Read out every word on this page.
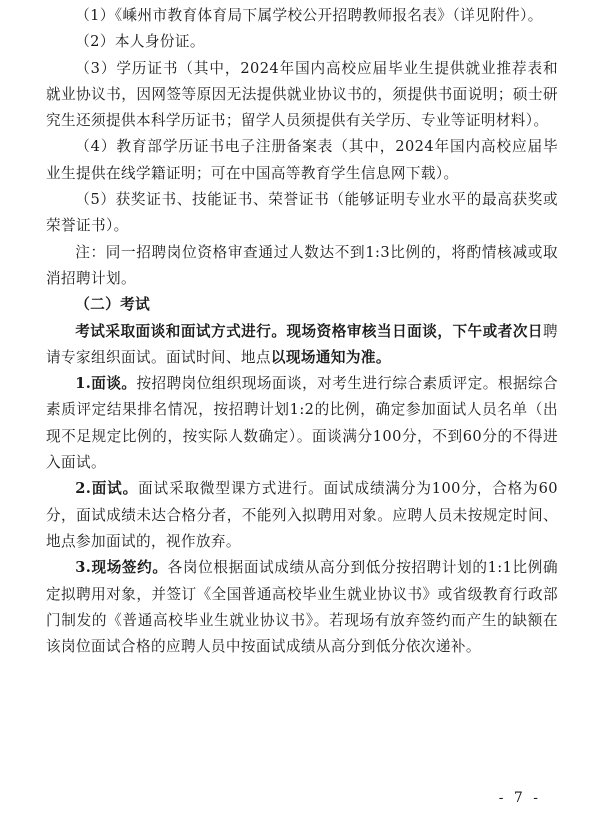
（1）《嵊州市教育体育局下属学校公开招聘教师报名表》（详见附件）。

（2）本人身份证。

（3）学历证书（其中，2024年国内高校应届毕业生提供就业推荐表和就业协议书，因网签等原因无法提供就业协议书的，须提供书面说明；硕士研究生还须提供本科学历证书；留学人员须提供有关学历、专业等证明材料）。

（4）教育部学历证书电子注册备案表（其中，2024年国内高校应届毕业生提供在线学籍证明；可在中国高等教育学生信息网下载）。

（5）获奖证书、技能证书、荣誉证书（能够证明专业水平的最高获奖或荣誉证书）。

注：同一招聘岗位资格审查通过人数达不到1:3比例的，将酌情核减或取消招聘计划。

（二）考试

考试采取面谈和面试方式进行。现场资格审核当日面谈，下午或者次日聘请专家组织面试。面试时间、地点以现场通知为准。

1.面谈。按招聘岗位组织现场面谈，对考生进行综合素质评定。根据综合素质评定结果排名情况，按招聘计划1:2的比例，确定参加面试人员名单（出现不足规定比例的，按实际人数确定）。面谈满分100分，不到60分的不得进入面试。

2.面试。面试采取微型课方式进行。面试成绩满分为100分，合格为60分，面试成绩未达合格分者，不能列入拟聘用对象。应聘人员未按规定时间、地点参加面试的，视作放弃。

3.现场签约。各岗位根据面试成绩从高分到低分按招聘计划的1:1比例确定拟聘用对象，并签订《全国普通高校毕业生就业协议书》或省级教育行政部门制发的《普通高校毕业生就业协议书》。若现场有放弃签约而产生的缺额在该岗位面试合格的应聘人员中按面试成绩从高分到低分依次递补。

- 7 -
